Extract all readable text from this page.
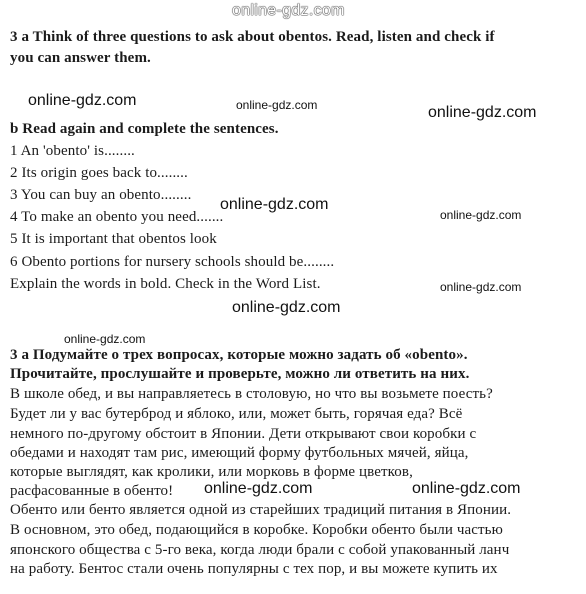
online-gdz.com
3 a Think of three questions to ask about obentos. Read, listen and check if
you can answer them.
online-gdz.com	online-gdz.com	online-gdz.com
b Read again and complete the sentences.
1 An 'obento' is........
2 Its origin goes back to........
3 You can buy an obento........
online-gdz.com
4 To make an obento you need.......	online-gdz.com
5 It is important that obentos look
6 Obento portions for nursery schools should be........
Explain the words in bold. Check in the Word List.	online-gdz.com
online-gdz.com
online-gdz.com
3 а Подумайте о трех вопросах, которые можно задать об «obento».
Прочитайте, прослушайте и проверьте, можно ли ответить на них.
В школе обед, и вы направляетесь в столовую, но что вы возьмете поесть?
Будет ли у вас бутерброд и яблоко, или, может быть, горячая еда? Всё
немного по-другому обстоит в Японии. Дети открывают свои коробки с
обедами и находят там рис, имеющий форму футбольных мячей, яйца,
которые выглядят, как кролики, или морковь в форме цветков,
расфасованные в обенто! online-gdz.com	online-gdz.com
Обенто или бенто является одной из старейших традиций питания в Японии.
В основном, это обед, подающийся в коробке. Коробки обенто были частью
японского общества с 5-го века, когда люди брали с собой упакованный ланч
на работу. Бентос стали очень популярны с тех пор, и вы можете купить их
